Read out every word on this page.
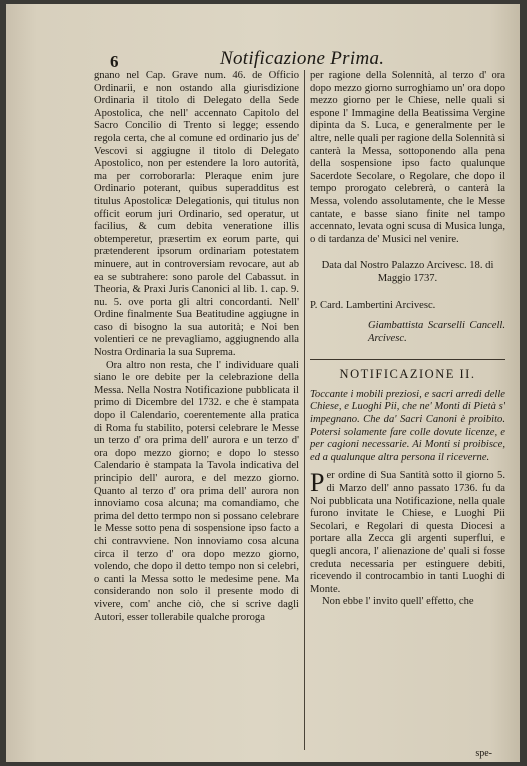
6	Notificazione Prima.

gnano nel Cap. Grave num. 46. de Officio Ordinarii, e non ostando alla giurisdizione Ordinaria il titolo di Delegato della Sede Apostolica, che nell' accennato Capitolo del Sacro Concilio di Trento si legge; essendo regola certa, che al comune ed ordinario jus de' Vescovi si aggiugne il titolo di Delegato Apostolico, non per estendere la loro autorità, ma per corroborarla: Pleraque enim jure Ordinario poterant, quibus superadditus est titulus Apostolicæ Delegationis, qui titulus non officit eorum juri Ordinario, sed operatur, ut facilius, & cum debita veneratione illis obtemperetur, præsertim ex eorum parte, qui prætenderent ipsorum ordinariam potestatem minuere, aut in controversiam revocare, aut ab ea se subtrahere: sono parole del Cabassut. in Theoria, & Praxi Juris Canonici al lib. 1. cap. 9. nu. 5. ove porta gli altri concordanti. Nell' Ordine finalmente Sua Beatitudine aggiugne in caso di bisogno la sua autorità; e Noi ben volentieri ce ne prevagliamo, aggiugnendo alla Nostra Ordinaria la sua Suprema.

Ora altro non resta, che l' individuare quali siano le ore debite per la celebrazione della Messa. Nella Nostra Notificazione pubblicata il primo di Dicembre del 1732. e che è stampata dopo il Calendario, coerentemente alla pratica di Roma fu stabilito, potersi celebrare le Messe un terzo d' ora prima dell' aurora e un terzo d' ora dopo mezzo giorno; e dopo lo stesso Calendario è stampata la Tavola indicativa del principio dell' aurora, e del mezzo giorno. Quanto al terzo d' ora prima dell' aurora non innoviamo cosa alcuna; ma comandiamo, che prima del detto termpo non si possano celebrare le Messe sotto pena di sospensione ipso facto a chi contravviene. Non innoviamo cosa alcuna circa il terzo d' ora dopo mezzo giorno, volendo, che dopo il detto tempo non si celebri, o canti la Messa sotto le medesime pene. Ma considerando non solo il presente modo di vivere, com' anche ciò, che si scrive dagli Autori, esser tollerabile qualche proroga

per ragione della Solennità, al terzo d' ora dopo mezzo giorno surroghiamo un' ora dopo mezzo giorno per le Chiese, nelle quali si espone l' Immagine della Beatissima Vergine dipinta da S. Luca, e generalmente per le altre, nelle quali per ragione della Solennità si canterà la Messa, sottoponendo alla pena della sospensione ipso facto qualunque Sacerdote Secolare, o Regolare, che dopo il tempo prorogato celebrerà, o canterà la Messa, volendo assolutamente, che le Messe cantate, e basse siano finite nel tampo accennato, levata ogni scusa di Musica lunga, o di tardanza de' Musici nel venire.

Data dal Nostro Palazzo Arcivesc. 18. di Maggio 1737.

P. Card. Lambertini Arcivesc.

Giambattista Scarselli Cancell. Arcivesc.

NOTIFICAZIONE II.

Toccante i mobili preziosi, e sacri arredi delle Chiese, e Luoghi Pii, che ne' Monti di Pietà s' impegnano. Che da' Sacri Canoni è proibito. Potersi solamente fare colle dovute licenze, e per cagioni necessarie. Ai Monti si proibisce, ed a qualunque altra persona il riceverne.

Per ordine di Sua Santità sotto il giorno 5. di Marzo dell' anno passato 1736. fu da Noi pubblicata una Notificazione, nella quale furono invitate le Chiese, e Luoghi Pii Secolari, e Regolari di questa Diocesi a portare alla Zecca gli argenti superflui, e quegli ancora, l' alienazione de' quali si fosse creduta necessaria per estinguere debiti, ricevendo il controcambio in tanti Luoghi di Monte.

Non ebbe l' invito quell' effetto, che

spe-
